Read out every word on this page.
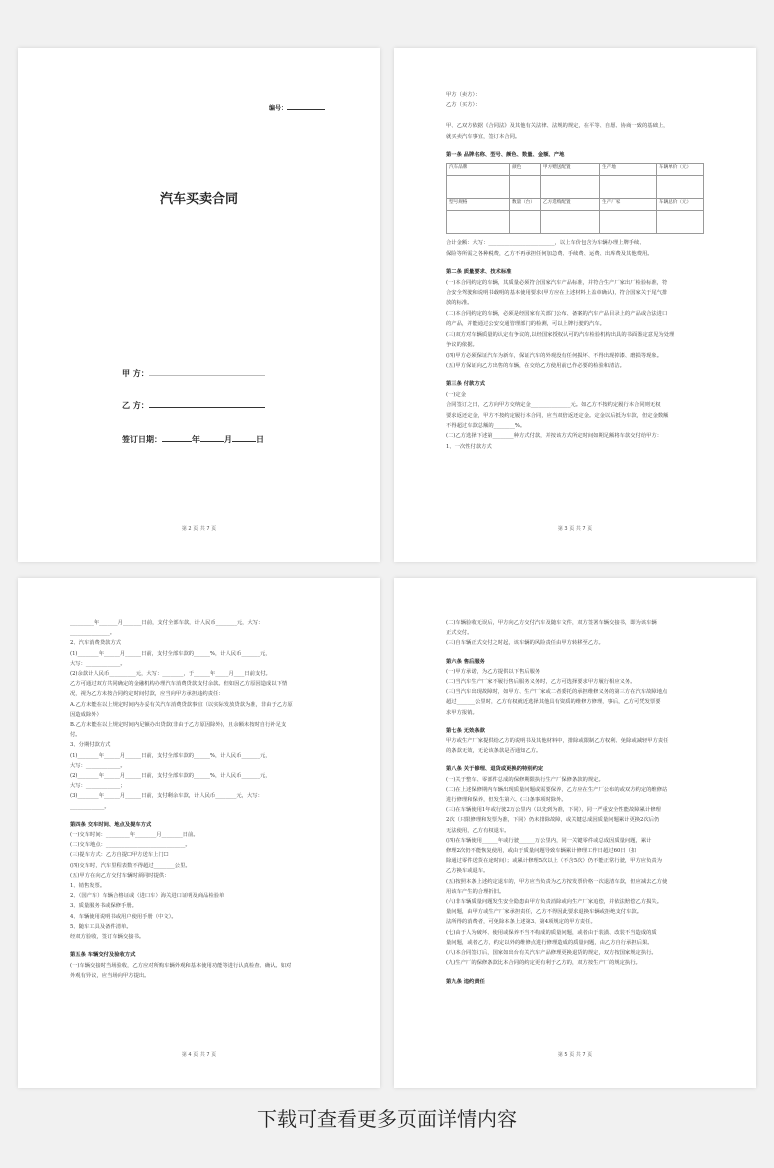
编号：
汽车买卖合同
甲 方：
乙 方：
签订日期：	年	月	日
第 2 页 共 7 页

甲方（卖方）：

乙方（买方）：

甲、乙双方依据《合同法》及其他有关法律、法规的规定，在平等、自愿、协商一致的基础上，

就买卖汽车事宜，签订本合同。

第一条 品牌名称、型号、颜色、数量、金额、产地

汽车品牌	颜色	甲方赠送配置	生产地	车辆单价（元）

型号规格	数量（台）	乙方选购配置	生产厂家	车辆总价（元）

合计金额：大写：_________________________，以上车价包含为车辆办理上牌手续、

保险等所需之各种税费，乙方不再承担任何加急费、手续费、运费、出库费及其他费用。

第二条 质量要求、技术标准

(一)本合同约定的车辆，其质量必须符合国家汽车产品标准，并符合生产厂家出厂检验标准，符

合安全驾驶和说明书载明的基本使用要求(甲方应在上述材料上盖章确认)，符合国家关于尾气排

放的标准。

(二)本合同约定的车辆，必须是经国家有关部门公布、备案的汽车产品目录上的产品或合法进口

的产品，并能通过公安交通管理部门的检测，可以上牌行驶的汽车。

(三)双方对车辆质量的认定有争议的,以经国家授权认可的汽车检验机构出具的书面鉴定意见为处理

争议的依据。

(四)甲方必须保证汽车为新车，保证汽车的外观没有任何损坏、不得出现掉漆、磨损等现象。

(五)甲方保证向乙方出售的车辆，在交给乙方使用前已作必要的检验和清洁。

第三条 付款方式

(一)定金

合同签订之日，乙方向甲方交纳定金_______________元。如乙方不按约定履行本合同则无权

要求返还定金，甲方不按约定履行本合同，应当双倍返还定金。定金以后抵为车款，但定金数额

不得超过车款总额的________%。

(二)乙方选择下述第________种方式付款，并按该方式所定时间如期足额将车款交付给甲方：

1、一次性付款方式

第 3 页 共 7 页

_________年_______月_______日前，支付全部车款，计人民币________元，大写：

_______________。

2、汽车消费贷款方式

(1)________年______月______日前，支付全部车款的______%，计人民币_______元，

大写：_____________。

(2)余款计人民币__________元，大写：________，于______年_____月____日前支付。

乙方可通过双方共同确定的金融机构办理汽车消费贷款支付余款。但如因乙方原因造成以下情

况，视为乙方未按合同约定时间付款，应当向甲方承担违约责任：

A.乙方未能在以上规定时间内办妥有关汽车消费贷款事宜（以实际发放贷款为准，非由于乙方原

因造成除外）

B.乙方未能在以上规定时间内足额办出贷款(非由于乙方原因除外)，且余额未按时自行补足支

付。

3、分期付款方式

(1)________年______月______日前，支付全部车款的______%，计人民币_______元，

大写：_____________。

(2)________年______月______日前，支付全部车款的______%，计人民币_______元，

大写：_____________；

(3)________年______月______日前，支付剩余车款，计人民币________元，大写：

_____________。

第四条 交车时间、地点及提车方式

(一)交车时间：_________年________月________日前。

(二)交车地点：______________________________。

(三)提车方式：乙方自提☐甲方送车上门☐

(四)交车时，汽车里程表数不得超过________公里。

(五)甲方在向乙方交付车辆时须同时提供：

1、销售发票。

2、（国产车）车辆合格证或（进口车）海关进口证明及商品检验单

3、质量服务书或保修手册。

4、车辆使用说明书或用户使用手册（中文）。

5、随车工具及备件清单。

经双方验收，签订车辆交接书。

第五条 车辆交付及验收方式

(一)车辆交接时当场验收，乙方应对所购车辆外观和基本使用功能等进行认真检查、确认。如对

外观有异议，应当场向甲方提出。

第 4 页 共 7 页

(二)车辆验收无误后，甲方向乙方交付汽车及随车文件，双方签署车辆交接书，即为该车辆

正式交付。

(三)自车辆正式交付之时起，该车辆的风险责任由甲方转移至乙方。

第六条 售后服务

(一)甲方承诺，为乙方提供以下售后服务

(二)当汽车生产厂家不履行售后服务义务时，乙方可选择要求甲方履行相应义务。

(三)当汽车出现故障时，如甲方、生产厂家或二者委托的承担维修义务的第三方在汽车故障地点

超过_______公里时，乙方有权就近选择其他具有资质的维修方修理，事后，乙方可凭发票要

求甲方报销。

第七条 无效条款

甲方或生产厂家提供给乙方的说明书及其他材料中，排除或限制乙方权利、免除或减轻甲方责任

的条款无效，无论该条款是否通知乙方。

第八条 关于修理、退货或更换的特别约定

(一)关于整车、零部件总成的保修期限执行生产厂保修条款的规定。

(二)在上述保修期内车辆出现质量问题或需要保养，乙方应在生产厂公布的或双方约定的维修站

进行修理和保养，但发生第六、(三)条事项时除外。

(三)在车辆使用1年或行驶2万公里内（以先到为准，下同），同一严重安全性能故障累计修理

2次（只限修理和发票为准，下同）仍未排除故障，或关键总成因质量问题累计更换2次后仍

无法使用，乙方有权退车。

(四)在车辆使用______年或行驶______万公里内，同一关键零件或总成因质量问题，累计

修理2次仍不能恢复使用，或由于质量问题导致车辆累计修理工作日超过60日（扣

除通过零件送货在途时间）；或累计修理5次以上（不含5次）仍不能正常行驶，甲方应负责为

乙方换车或退车。

(五)按照本条上述约定退车的，甲方应当负责为乙方按发票价格一次退清车款，但应减去乙方使

用该车产生的合理折旧。

(六)非车辆质量问题发生安全隐患由甲方负责消除或向生产厂家追偿，并依法赔偿乙方损失。

量问题，由甲方或生产厂家承担责任，乙方不得因此要求退换车辆或拒绝支付车款。

法所得的消费者，可免除本条上述第3、第4项规定的甲方责任。

(七)由于人为破坏、使用或保养不当不构成的质量问题，或者由于装潢、改装不当造成的质

量问题，或者乙方，约定以外的维修点进行修理造成的质量问题，由乙方自行承担后果。

(八)本合同签订后，国家如出台有关汽车产品修理更换退货的规定，双方按国家规定执行。

(九)生产厂的保修条款比本合同的约定更有利于乙方的，双方按生产厂的规定执行。

第九条 违约责任

第 5 页 共 7 页
下载可查看更多页面详情内容
